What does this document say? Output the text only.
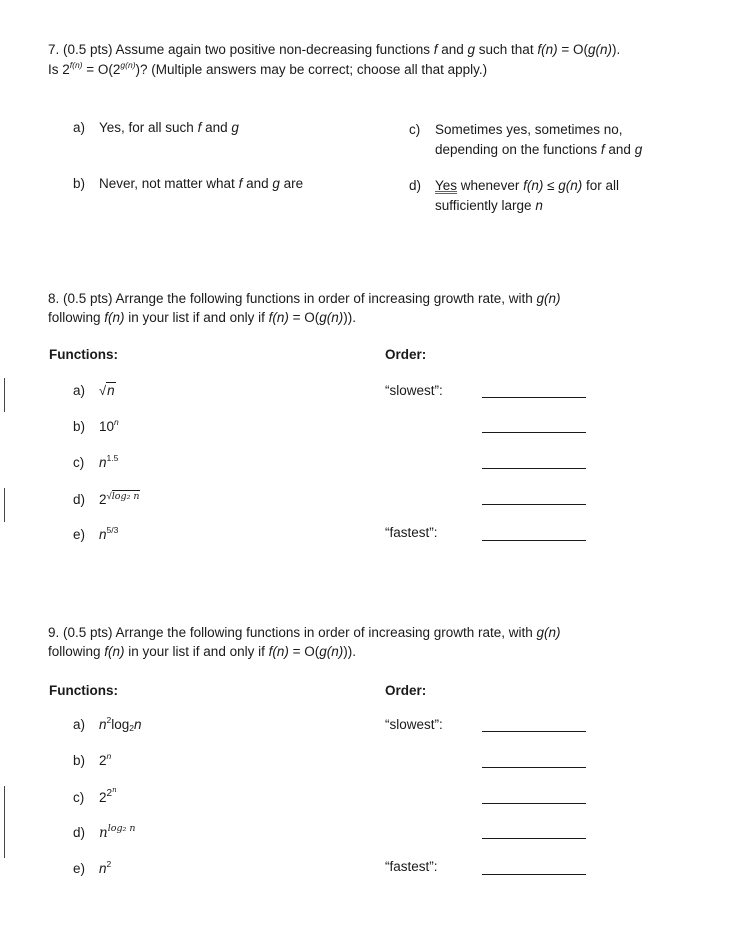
7. (0.5 pts) Assume again two positive non-decreasing functions f and g such that f(n) = O(g(n)).
Is $2^{f(n)} = O(2^{g(n)})$? (Multiple answers may be correct; choose all that apply.)
a) Yes, for all such f and g
b) Never, not matter what f and g are
c) Sometimes yes, sometimes no,
depending on the functions f and g
d) Yes whenever f(n) ≤ g(n) for all
sufficiently large n
8. (0.5 pts) Arrange the following functions in order of increasing growth rate, with g(n)
following f(n) in your list if and only if f(n) = O(g(n))).
Functions:	Order:
a) √n
b) 10$^n$
c) $n^{1.5}$
d) $2^{√log_2 n}$
e) $n^{5/3}$
“slowest”:
“fastest”:
9. (0.5 pts) Arrange the following functions in order of increasing growth rate, with g(n)
following f(n) in your list if and only if f(n) = O(g(n))).
Functions:	Order:
a) $n^2\log_2n$
b) 2$^n$
c) $2^{2^n}$
d) $n^{log_2 n}$
e) $n^2$
“slowest”:
“fastest”:
